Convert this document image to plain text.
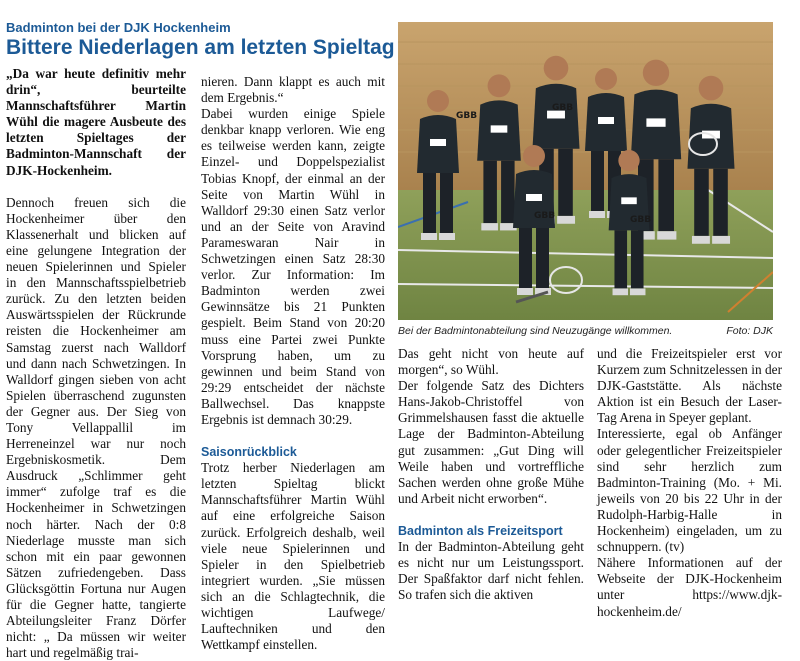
Badminton bei der DJK Hockenheim
Bittere Niederlagen am letzten Spieltag

„Da war heute definitiv mehr drin“, beurteilte Mannschaftsführer Martin Wühl die magere Ausbeute des letzten Spieltages der Badminton-Mannschaft der DJK-Hockenheim.

Dennoch freuen sich die Hockenheimer über den Klassenerhalt und blicken auf eine gelungene Integration der neuen Spielerinnen und Spieler in den Mannschaftsspielbetrieb zurück. Zu den letzten beiden Auswärtsspielen der Rückrunde reisten die Hockenheimer am Samstag zuerst nach Walldorf und dann nach Schwetzingen. In Walldorf gingen sieben von acht Spielen überraschend zugunsten der Gegner aus. Der Sieg von Tony Vellappallil im Herreneinzel war nur noch Ergebniskosmetik. Dem Ausdruck „Schlimmer geht immer“ zufolge traf es die Hockenheimer in Schwetzingen noch härter. Nach der 0:8 Niederlage musste man sich schon mit ein paar gewonnen Sätzen zufriedengeben. Dass Glücksgöttin Fortuna nur Augen für die Gegner hatte, tangierte Abteilungsleiter Franz Dörfer nicht: „ Da müssen wir weiter hart und regelmäßig trai-

nieren. Dann klappt es auch mit dem Ergebnis.“

Dabei wurden einige Spiele denkbar knapp verloren. Wie eng es teilweise werden kann, zeigte Einzel- und Doppelspezialist Tobias Knopf, der einmal an der Seite von Martin Wühl in Walldorf 29:30 einen Satz verlor und an der Seite von Aravind Parameswaran Nair in Schwetzingen einen Satz 28:30 verlor. Zur Information: Im Badminton werden zwei Gewinnsätze bis 21 Punkten gespielt. Beim Stand von 20:20 muss eine Partei zwei Punkte Vorsprung haben, um zu gewinnen und beim Stand von 29:29 entscheidet der nächste Ballwechsel. Das knappste Ergebnis ist demnach 30:29.

Saisonrückblick

Trotz herber Niederlagen am letzten Spieltag blickt Mannschaftsführer Martin Wühl auf eine erfolgreiche Saison zurück. Erfolgreich deshalb, weil viele neue Spielerinnen und Spieler in den Spielbetrieb integriert wurden. „Sie müssen sich an die Schlagtechnik, die wichtigen Laufwege/ Lauftechniken und den Wettkampf einstellen.

GBB
GBB
GBB	GBB
Bei der Badmintonabteilung sind Neuzugänge willkommen.	Foto: DJK

Das geht nicht von heute auf morgen“, so Wühl.

Der folgende Satz des Dichters Hans-Jakob-Christoffel von Grimmelshausen fasst die aktuelle Lage der Badminton-Abteilung gut zusammen: „Gut Ding will Weile haben und vortreffliche Sachen werden ohne große Mühe und Arbeit nicht erworben“.

Badminton als Freizeitsport

In der Badminton-Abteilung geht es nicht nur um Leistungssport. Der Spaßfaktor darf nicht fehlen. So trafen sich die aktiven

und die Freizeitspieler erst vor Kurzem zum Schnitzelessen in der DJK-Gaststätte. Als nächste Aktion ist ein Besuch der Laser-Tag Arena in Speyer geplant.

Interessierte, egal ob Anfänger oder gelegentlicher Freizeitspieler sind sehr herzlich zum Badminton-Training (Mo. + Mi. jeweils von 20 bis 22 Uhr in der Rudolph-Harbig-Halle in Hockenheim) eingeladen, um zu schnuppern. (tv)

Nähere Informationen auf der Webseite der DJK-Hockenheim unter https://www.djk-hockenheim.de/
